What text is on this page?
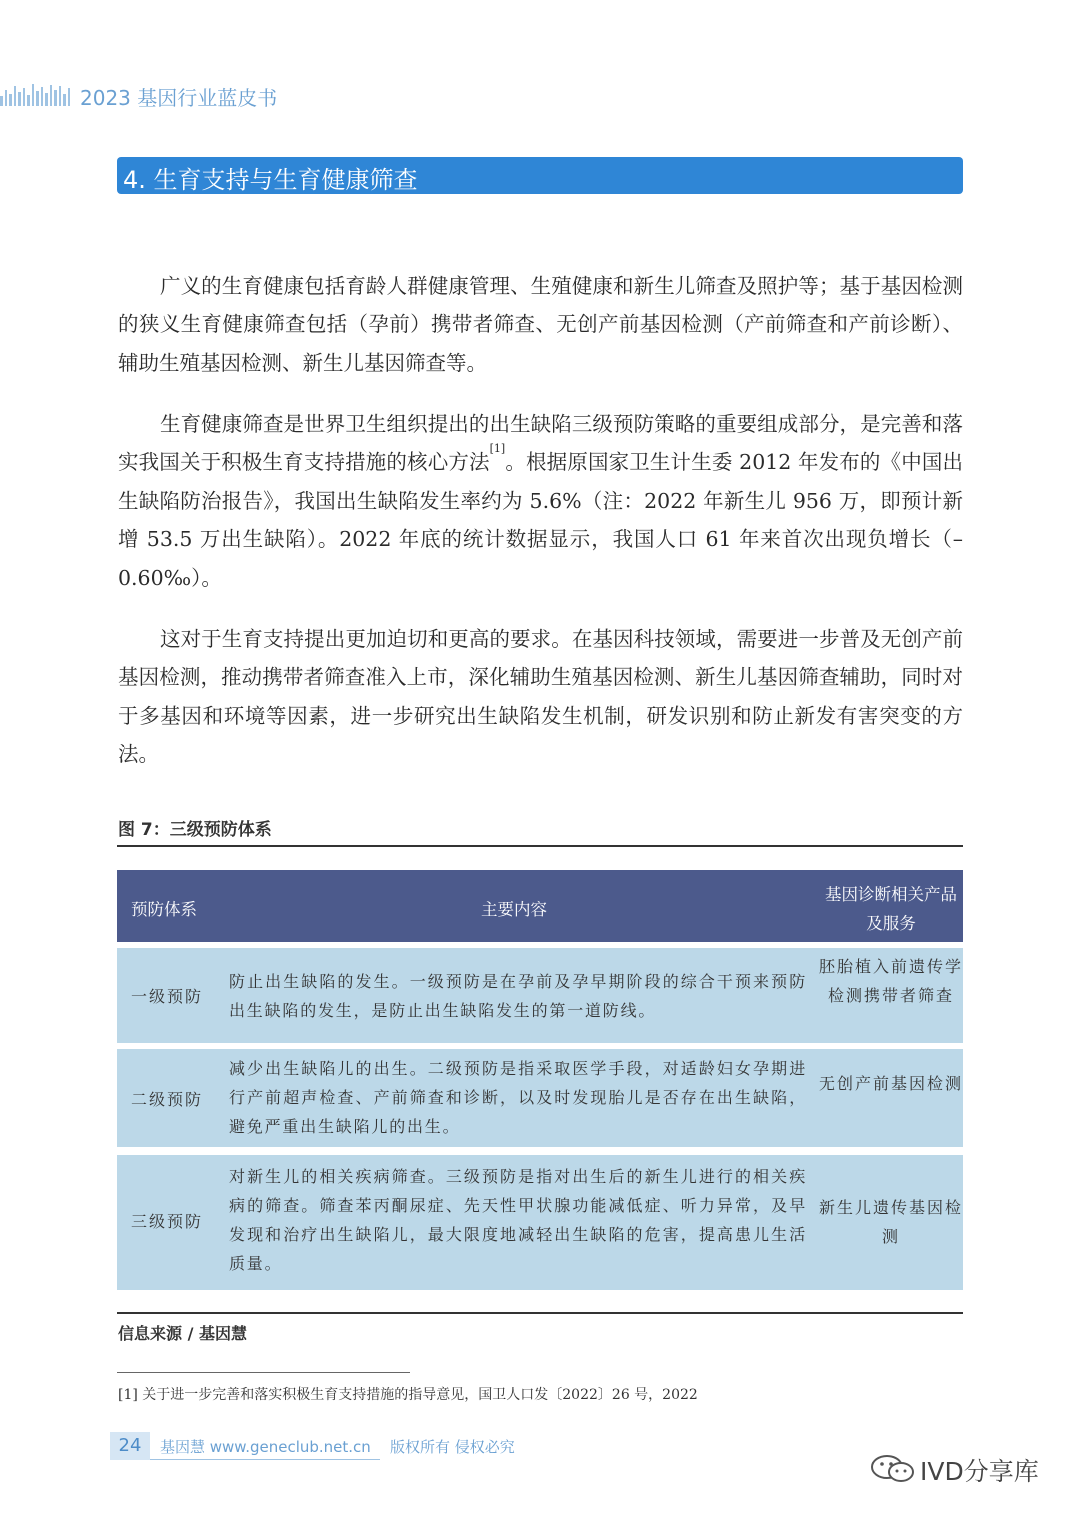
2023 基因行业蓝皮书
4. 生育支持与生育健康筛查
广义的生育健康包括育龄人群健康管理、生殖健康和新生儿筛查及照护等；基于基因检测的狭义生育健康筛查包括（孕前）携带者筛查、无创产前基因检测（产前筛查和产前诊断）、辅助生殖基因检测、新生儿基因筛查等。
生育健康筛查是世界卫生组织提出的出生缺陷三级预防策略的重要组成部分，是完善和落实我国关于积极生育支持措施的核心方法[1]。根据原国家卫生计生委 2012 年发布的《中国出生缺陷防治报告》，我国出生缺陷发生率约为 5.6%（注：2022 年新生儿 956 万，即预计新增 53.5 万出生缺陷）。2022 年底的统计数据显示，我国人口 61 年来首次出现负增长（–0.60‰）。
这对于生育支持提出更加迫切和更高的要求。在基因科技领域，需要进一步普及无创产前基因检测，推动携带者筛查准入上市，深化辅助生殖基因检测、新生儿基因筛查辅助，同时对于多基因和环境等因素，进一步研究出生缺陷发生机制，研发识别和防止新发有害突变的方法。
图 7：三级预防体系
预防体系	主要内容
基因诊断相关产品及服务
一级预防
防止出生缺陷的发生。一级预防是在孕前及孕早期阶段的综合干预来预防出生缺陷的发生，是防止出生缺陷发生的第一道防线。
胚胎植入前遗传学检测携带者筛查
二级预防
减少出生缺陷儿的出生。二级预防是指采取医学手段，对适龄妇女孕期进行产前超声检查、产前筛查和诊断，以及时发现胎儿是否存在出生缺陷，避免严重出生缺陷儿的出生。
无创产前基因检测
三级预防
对新生儿的相关疾病筛查。三级预防是指对出生后的新生儿进行的相关疾病的筛查。筛查苯丙酮尿症、先天性甲状腺功能减低症、听力异常，及早发现和治疗出生缺陷儿，最大限度地减轻出生缺陷的危害，提高患儿生活质量。
新生儿遗传基因检测
信息来源 / 基因慧
[1] 关于进一步完善和落实积极生育支持措施的指导意见，国卫人口发〔2022〕26 号，2022
24	基因慧 www.geneclub.net.cn 版权所有 侵权必究
IVD分享库
